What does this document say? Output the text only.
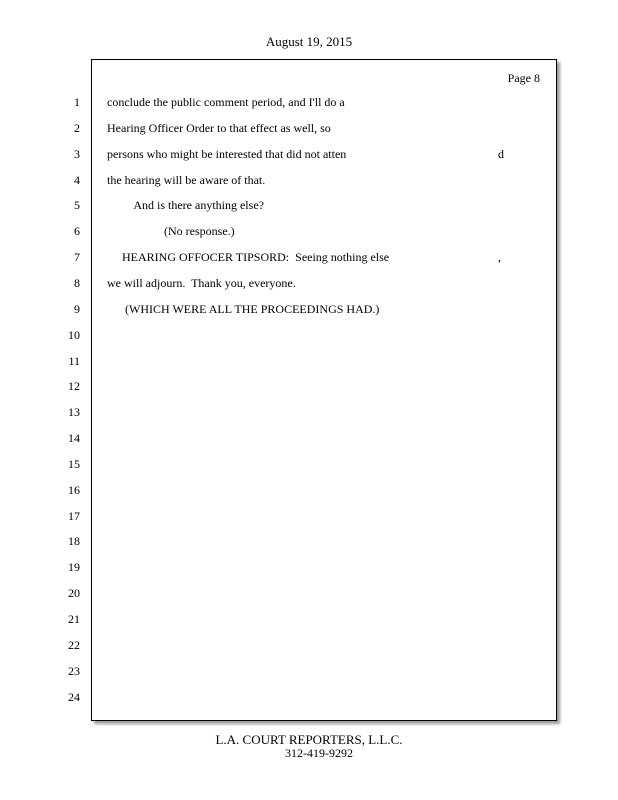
August 19, 2015
Page 8
1 conclude the public comment period, and I'll do a
2 Hearing Officer Order to that effect as well, so
3 persons who might be interested that did not atten	d
4 the hearing will be aware of that.
5 And is there anything else?
6 (No response.)
7 HEARING OFFOCER TIPSORD:  Seeing nothing else	,
8 we will adjourn.  Thank you, everyone.
9 (WHICH WERE ALL THE PROCEEDINGS HAD.)
10
11
12
13
14
15
16
17
18
19
20
21
22
23
24
L.A. COURT REPORTERS, L.L.C.
312-419-9292
